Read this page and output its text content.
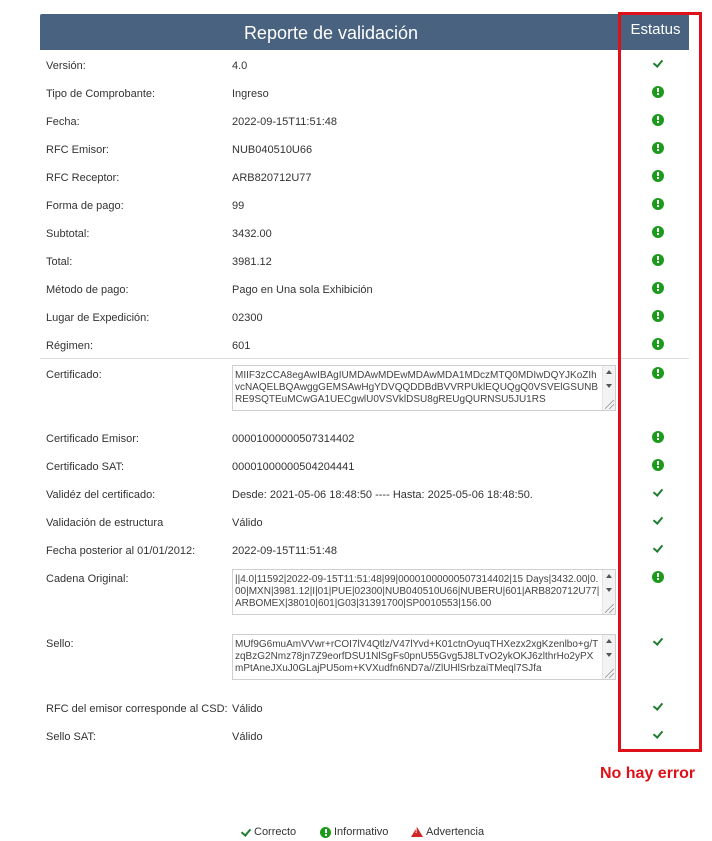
Reporte de validación	Estatus
Versión:	4.0
Tipo de Comprobante:	Ingreso
Fecha:	2022-09-15T11:51:48
RFC Emisor:	NUB040510U66
RFC Receptor:	ARB820712U77
Forma de pago:	99
Subtotal:	3432.00
Total:	3981.12
Método de pago:	Pago en Una sola Exhibición
Lugar de Expedición:	02300
Régimen:	601
Certificado:	MIIF3zCCA8egAwIBAgIUMDAwMDEwMDAwMDA1MDczMTQ0MDIwDQYJKoZIhvcNAQELBQAwggGEMSAwHgYDVQQDDBdBVVRPUklEQUQgQ0VSVElGSUNBRE9SQTEuMCwGA1UECgwlU0VSVklDSU8gREUgQURNSU5JU1RS
Certificado Emisor:	00001000000507314402
Certificado SAT:	00001000000504204441
Validéz del certificado:	Desde: 2021-05-06 18:48:50 ---- Hasta: 2025-05-06 18:48:50.
Validación de estructura	Válido
Fecha posterior al 01/01/2012:	2022-09-15T11:51:48
Cadena Original:	||4.0|11592|2022-09-15T11:51:48|99|00001000000507314402|15 Days|3432.00|0.00|MXN|3981.12|I|01|PUE|02300|NUB040510U66|NUBERU|601|ARB820712U77|ARBOMEX|38010|601|G03|31391700|SP0010553|156.00
Sello:	MUf9G6muAmVVwr+rCOI7lV4Qtlz/V47lYvd+K01ctnOyuqTHXezx2xgKzenlbo+g/TzqBzG2Nmz78jn7Z9eorfDSU1NlSgFs0pnU55Gvg5J8LTvO2ykOKJ6zlthrHo2yPXmPtAneJXuJ0GLajPU5om+KVXudfn6ND7a//ZlUHlSrbzaiTMeql7SJfa
RFC del emisor corresponde al CSD: Válido
Sello SAT:	Válido
No hay error
Correcto	Informativo !	Advertencia
